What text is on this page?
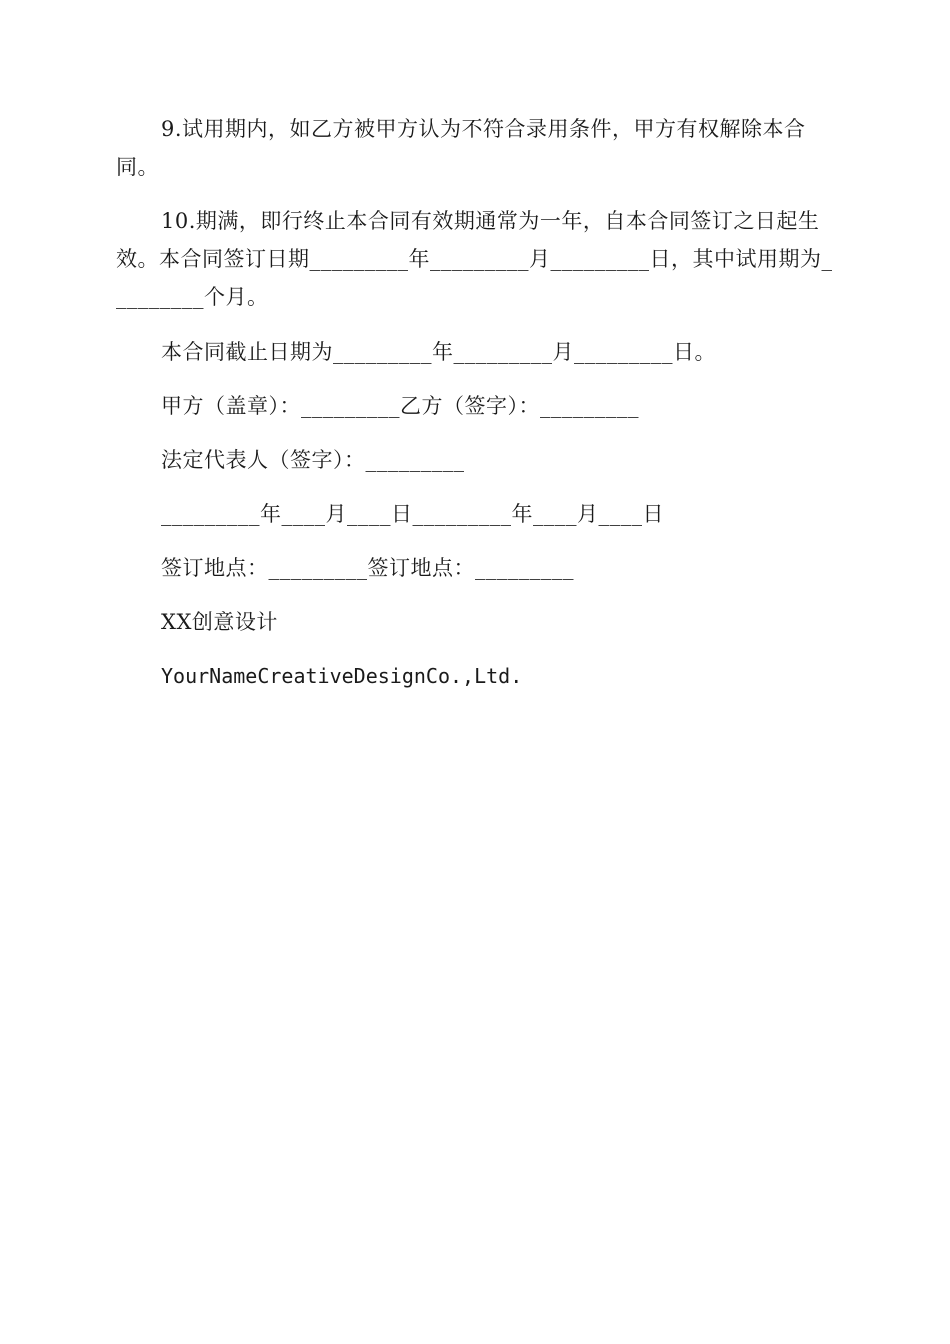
9.试用期内，如乙方被甲方认为不符合录用条件，甲方有权解除本合同。

10.期满，即行终止本合同有效期通常为一年，自本合同签订之日起生效。本合同签订日期_________年_________月_________日，其中试用期为_________个月。

本合同截止日期为_________年_________月_________日。

甲方（盖章）：_________乙方（签字）：_________

法定代表人（签字）：_________

_________年____月____日_________年____月____日

签订地点：_________签订地点：_________

XX创意设计

YourNameCreativeDesignCo.,Ltd.
